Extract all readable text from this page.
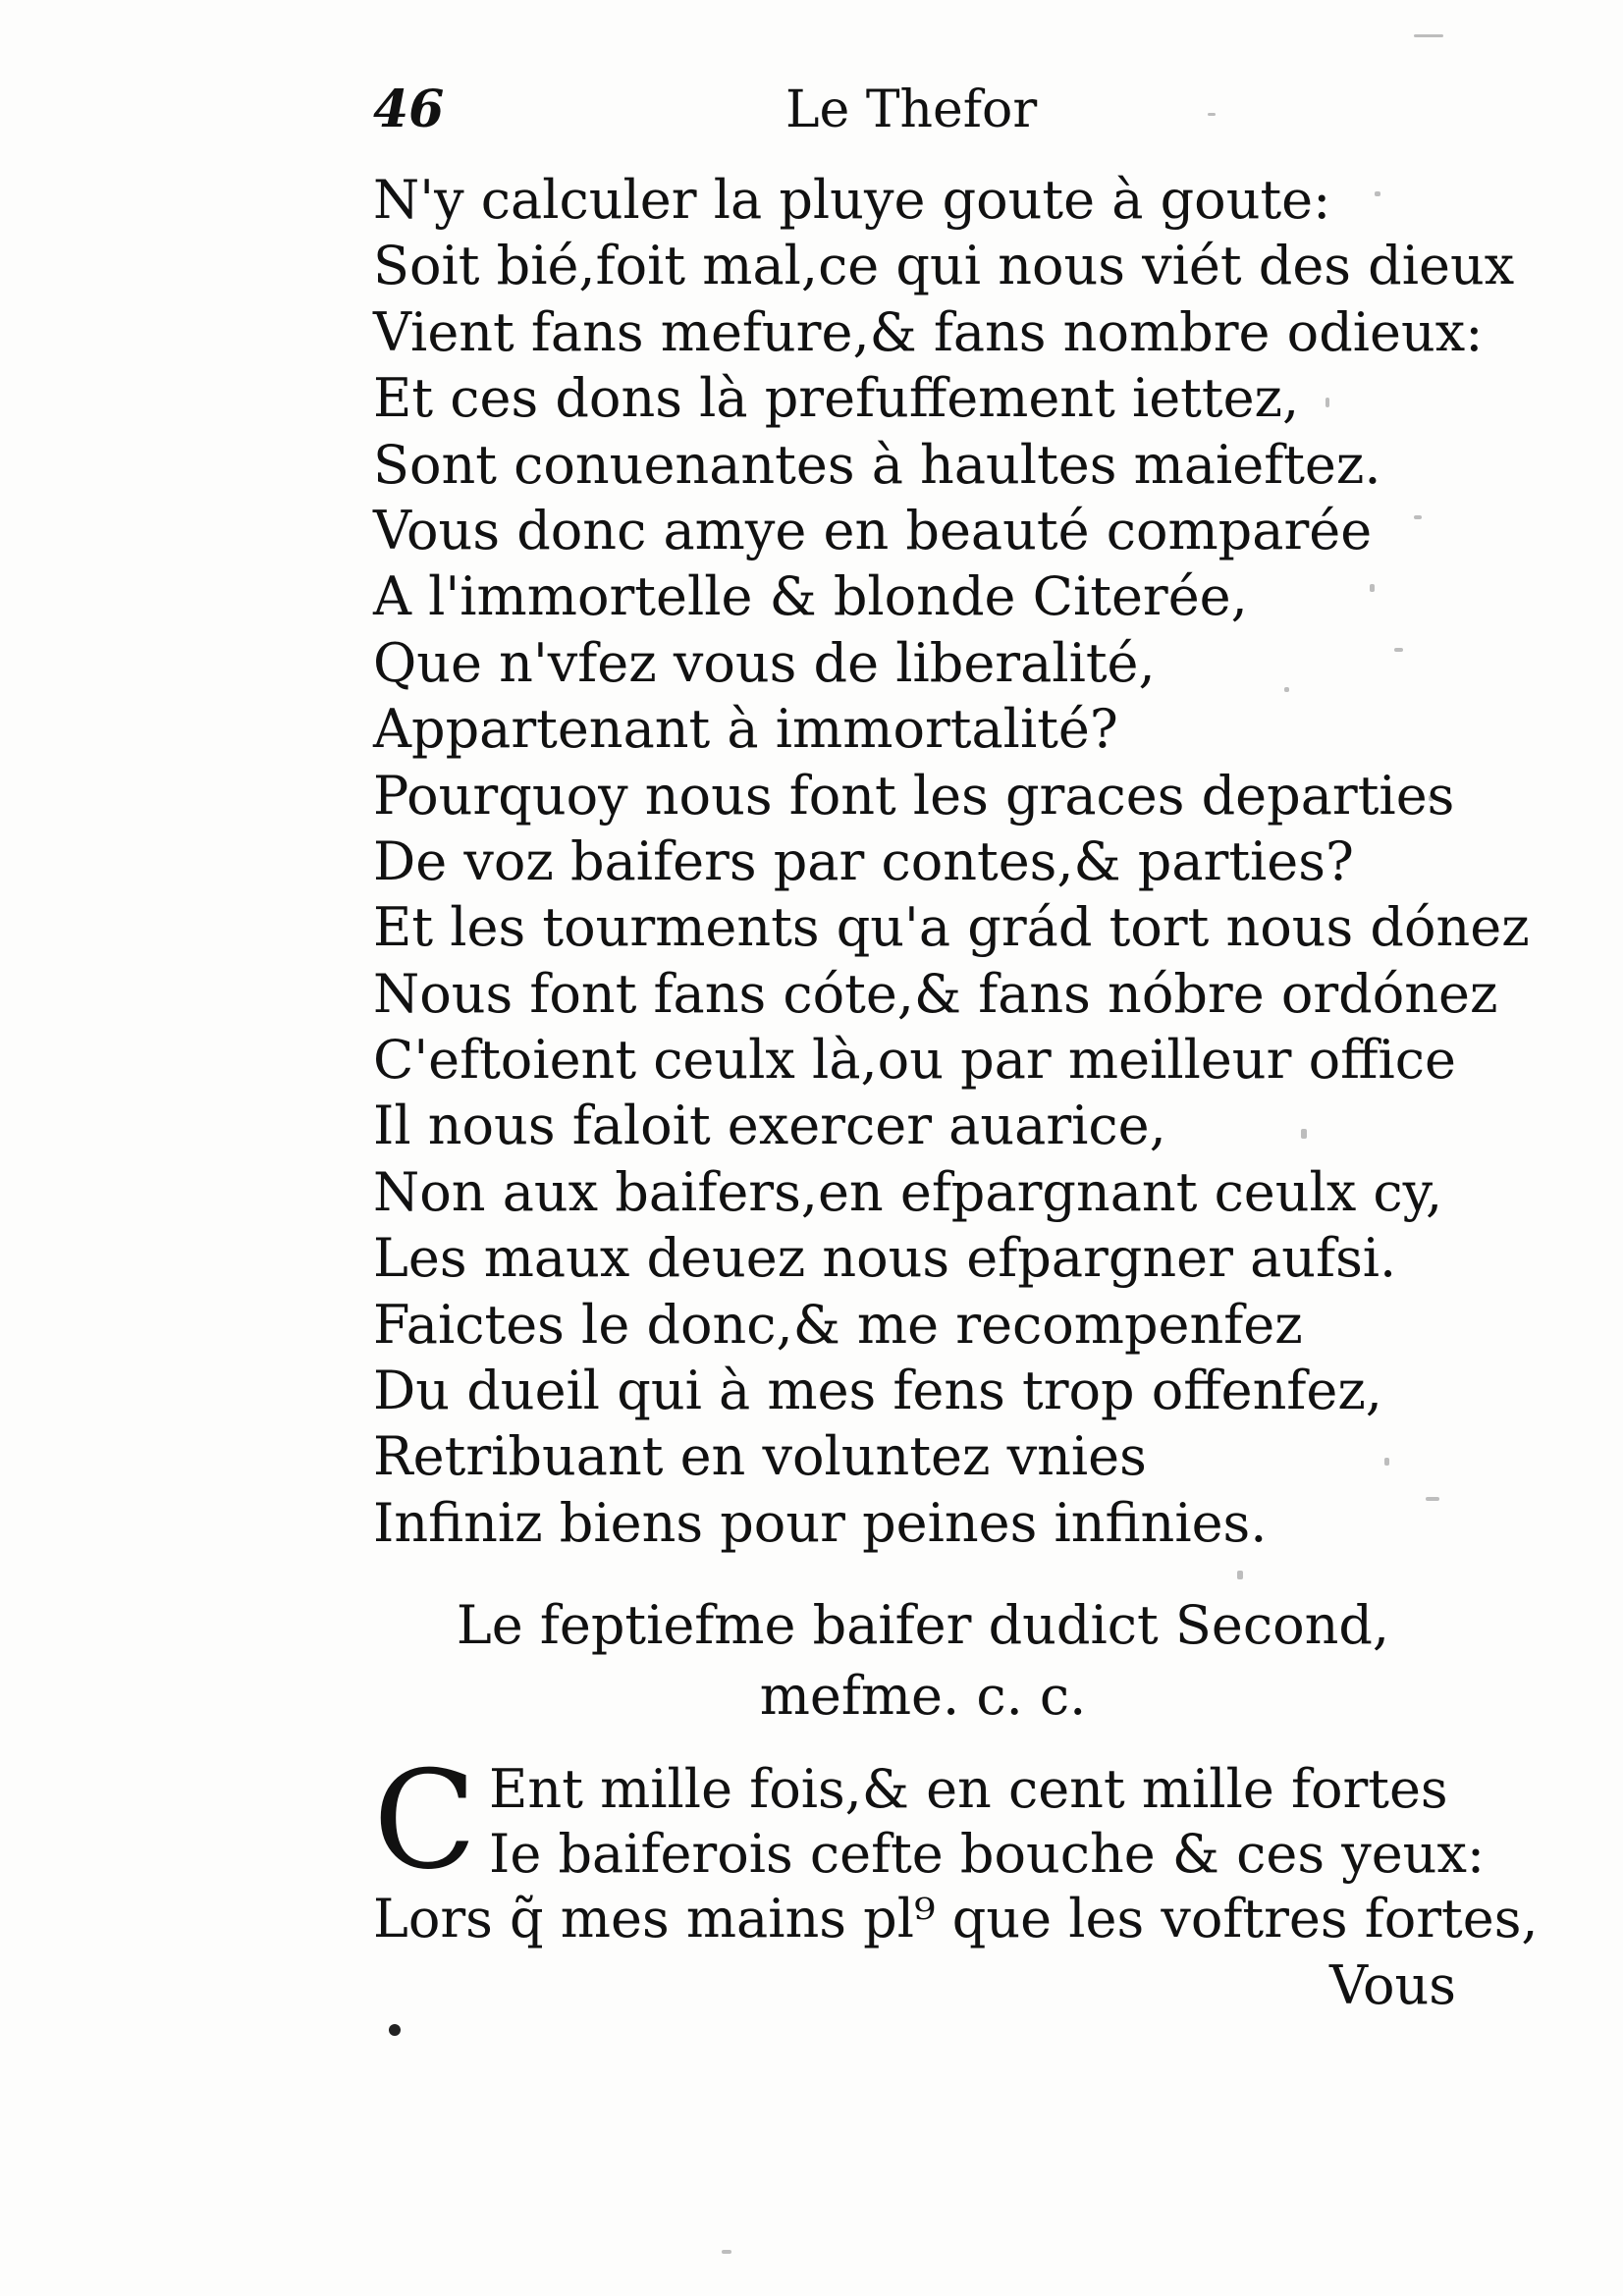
46	Le Thefor
N'y calculer la pluye goute à goute:
Soit bié,foit mal,ce qui nous viét des dieux
Vient fans mefure,& fans nombre odieux:
Et ces dons là prefuffement iettez,
Sont conuenantes à haultes maieftez.
Vous donc amye en beauté comparée
A l'immortelle & blonde Citerée,
Que n'vfez vous de liberalité,
Appartenant à immortalité?
Pourquoy nous font les graces departies
De voz baifers par contes,& parties?
Et les tourments qu'a grád tort nous dónez
Nous font fans cóte,& fans nóbre ordónez
C'eftoient ceulx là,ou par meilleur office
Il nous faloit exercer auarice,
Non aux baifers,en efpargnant ceulx cy,
Les maux deuez nous efpargner aufsi.
Faictes le donc,& me recompenfez
Du dueil qui à mes fens trop offenfez,
Retribuant en voluntez vnies
Infiniz biens pour peines infinies.
Le feptiefme baifer dudict Second,
mefme. c. c.
C Ent mille fois,& en cent mille fortes
Ie baiferois cefte bouche & ces yeux:
Lors q̃ mes mains pl⁹ que les voftres fortes,
Vous
